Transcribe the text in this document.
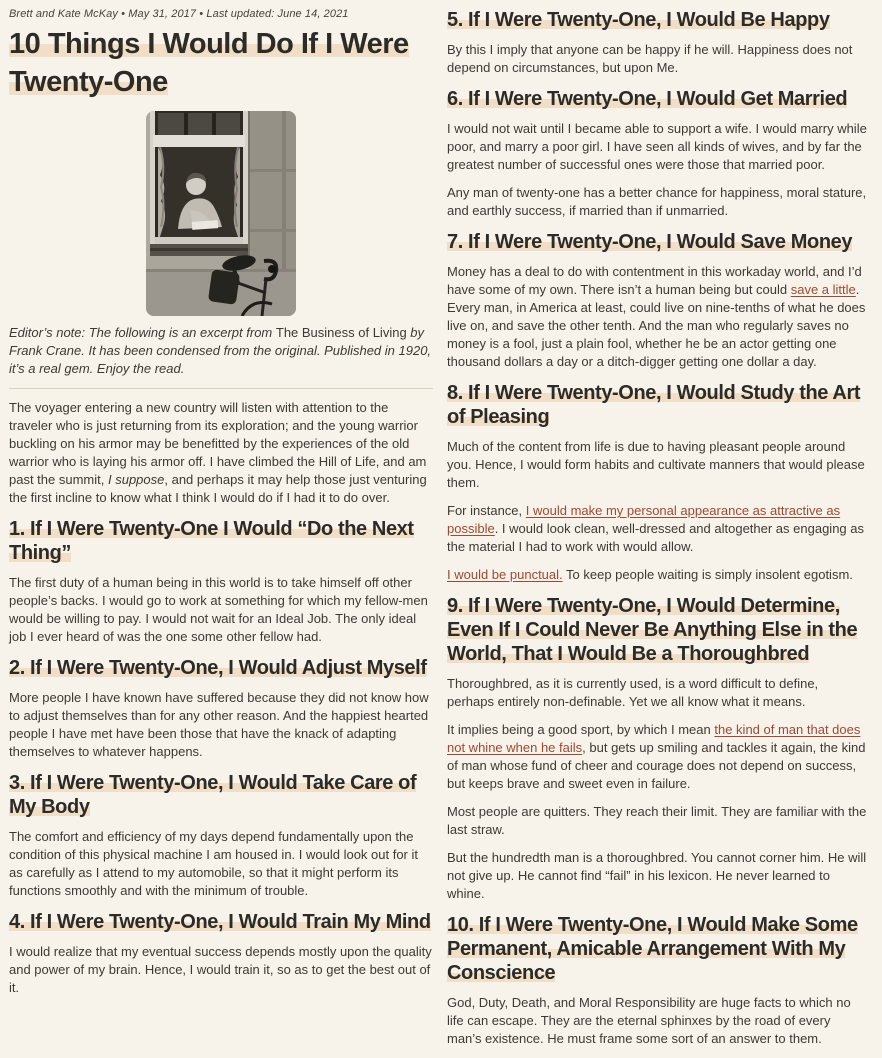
Brett and Kate McKay • May 31, 2017 • Last updated: June 14, 2021

10 Things I Would Do If I Were Twenty-One

Editor’s note: The following is an excerpt from The Business of Living by Frank Crane. It has been condensed from the original. Published in 1920, it’s a real gem. Enjoy the read.

The voyager entering a new country will listen with attention to the traveler who is just returning from its exploration; and the young warrior buckling on his armor may be benefitted by the experiences of the old warrior who is laying his armor off. I have climbed the Hill of Life, and am past the summit, I suppose, and perhaps it may help those just venturing the first incline to know what I think I would do if I had it to do over.

1. If I Were Twenty-One I Would “Do the Next Thing”

The first duty of a human being in this world is to take himself off other people’s backs. I would go to work at something for which my fellow-men would be willing to pay. I would not wait for an Ideal Job. The only ideal job I ever heard of was the one some other fellow had.

2. If I Were Twenty-One, I Would Adjust Myself

More people I have known have suffered because they did not know how to adjust themselves than for any other reason. And the happiest hearted people I have met have been those that have the knack of adapting themselves to whatever happens.

3. If I Were Twenty-One, I Would Take Care of My Body

The comfort and efficiency of my days depend fundamentally upon the condition of this physical machine I am housed in. I would look out for it as carefully as I attend to my automobile, so that it might perform its functions smoothly and with the minimum of trouble.

4. If I Were Twenty-One, I Would Train My Mind

I would realize that my eventual success depends mostly upon the quality and power of my brain. Hence, I would train it, so as to get the best out of it.

5. If I Were Twenty-One, I Would Be Happy

By this I imply that anyone can be happy if he will. Happiness does not depend on circumstances, but upon Me.

6. If I Were Twenty-One, I Would Get Married

I would not wait until I became able to support a wife. I would marry while poor, and marry a poor girl. I have seen all kinds of wives, and by far the greatest number of successful ones were those that married poor.

Any man of twenty-one has a better chance for happiness, moral stature, and earthly success, if married than if unmarried.

7. If I Were Twenty-One, I Would Save Money

Money has a deal to do with contentment in this workaday world, and I’d have some of my own. There isn’t a human being but could save a little. Every man, in America at least, could live on nine-tenths of what he does live on, and save the other tenth. And the man who regularly saves no money is a fool, just a plain fool, whether he be an actor getting one thousand dollars a day or a ditch-digger getting one dollar a day.

8. If I Were Twenty-One, I Would Study the Art of Pleasing

Much of the content from life is due to having pleasant people around you. Hence, I would form habits and cultivate manners that would please them.

For instance, I would make my personal appearance as attractive as possible. I would look clean, well-dressed and altogether as engaging as the material I had to work with would allow.

I would be punctual. To keep people waiting is simply insolent egotism.

9. If I Were Twenty-One, I Would Determine, Even If I Could Never Be Anything Else in the World, That I Would Be a Thoroughbred

Thoroughbred, as it is currently used, is a word difficult to define, perhaps entirely non-definable. Yet we all know what it means.

It implies being a good sport, by which I mean the kind of man that does not whine when he fails, but gets up smiling and tackles it again, the kind of man whose fund of cheer and courage does not depend on success, but keeps brave and sweet even in failure.

Most people are quitters. They reach their limit. They are familiar with the last straw.

But the hundredth man is a thoroughbred. You cannot corner him. He will not give up. He cannot find “fail” in his lexicon. He never learned to whine.

10. If I Were Twenty-One, I Would Make Some Permanent, Amicable Arrangement With My Conscience

God, Duty, Death, and Moral Responsibility are huge facts to which no life can escape. They are the eternal sphinxes by the road of every man’s existence. He must frame some sort of an answer to them.
